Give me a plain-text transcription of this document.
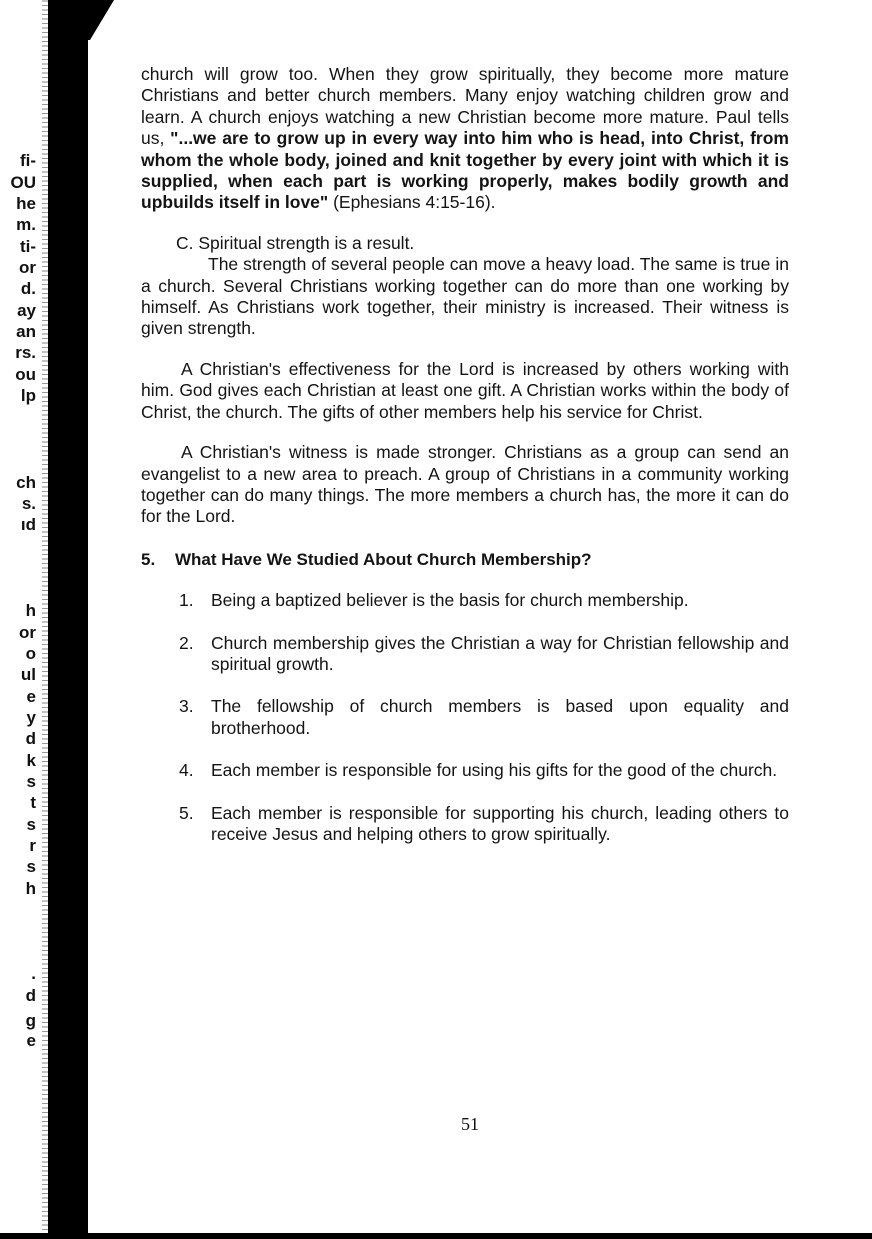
fi-
OU
he
m.
ti-
or
d.
ay
an
rs.
ou
lp
ch
s.
ıd
h
or
o
ul
e
y
d
k
s
t
s
r
s
h
.
d
g
e

church will grow too. When they grow spiritually, they become more mature Christians and better church members. Many enjoy watching children grow and learn. A church enjoys watching a new Christian become more mature. Paul tells us, "...we are to grow up in every way into him who is head, into Christ, from whom the whole body, joined and knit together by every joint with which it is supplied, when each part is working properly, makes bodily growth and upbuilds itself in love" (Ephesians 4:15-16).

C. Spiritual strength is a result.

The strength of several people can move a heavy load. The same is true in a church. Several Christians working together can do more than one working by himself. As Christians work together, their ministry is increased. Their witness is given strength.

A Christian's effectiveness for the Lord is increased by others working with him. God gives each Christian at least one gift. A Christian works within the body of Christ, the church. The gifts of other members help his service for Christ.

A Christian's witness is made stronger. Christians as a group can send an evangelist to a new area to preach. A group of Christians in a community working together can do many things. The more members a church has, the more it can do for the Lord.

5. What Have We Studied About Church Membership?
1. Being a baptized believer is the basis for church membership.
2. Church membership gives the Christian a way for Christian fellowship and spiritual growth.
3. The fellowship of church members is based upon equality and brotherhood.
4. Each member is responsible for using his gifts for the good of the church.
5. Each member is responsible for supporting his church, leading others to receive Jesus and helping others to grow spiritually.
51
